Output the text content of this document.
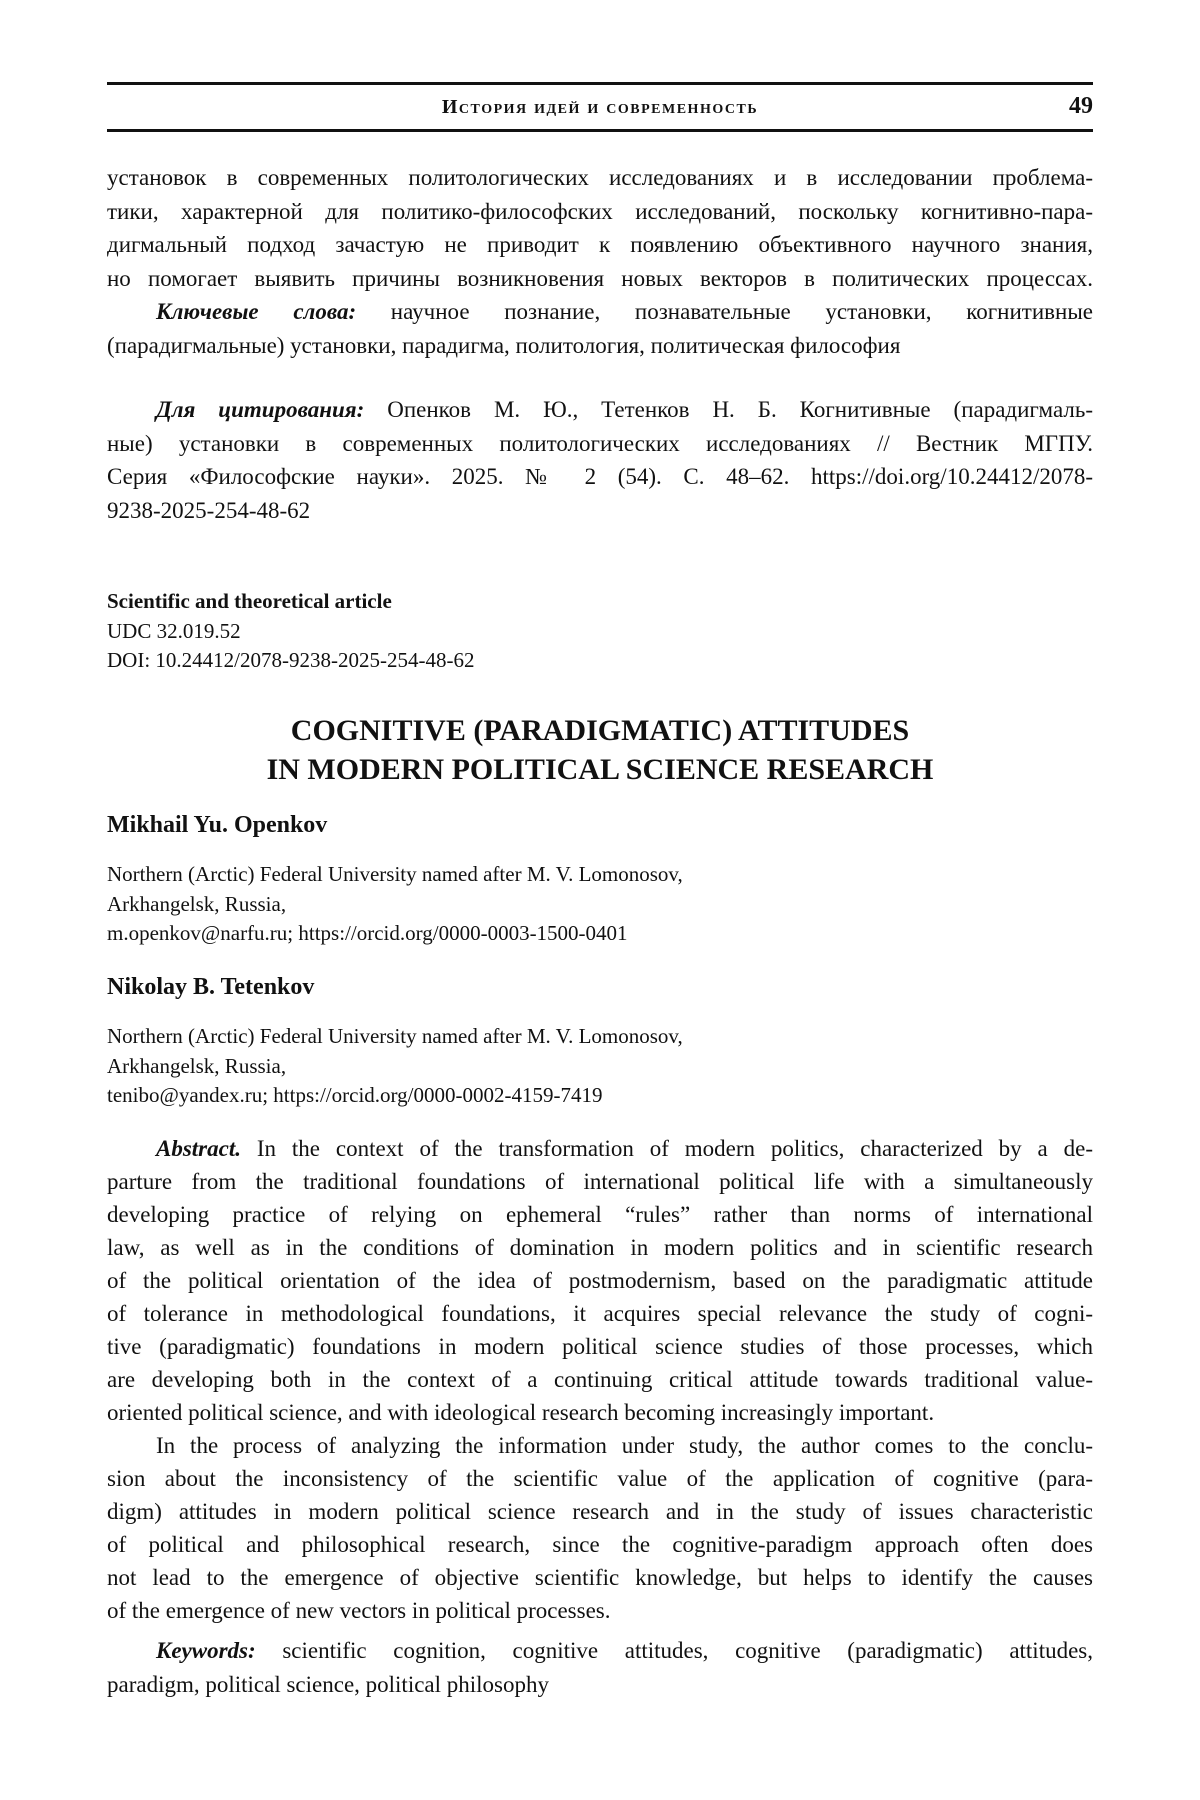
История идей и современность	49
установок в современных политологических исследованиях и в исследовании проблема-
тики, характерной для политико-философских исследований, поскольку когнитивно-пара-
дигмальный подход зачастую не приводит к появлению объективного научного знания,
но помогает выявить причины возникновения новых векторов в политических процессах.
Ключевые слова: научное познание, познавательные установки, когнитивные
(парадигмальные) установки, парадигма, политология, политическая философия
Для цитирования: Опенков М. Ю., Тетенков Н. Б. Когнитивные (парадигмаль-
ные) установки в современных политологических исследованиях // Вестник МГПУ.
Серия «Философские науки». 2025. № 2 (54). С. 48–62. https://doi.org/10.24412/2078-
9238-2025-254-48-62
Scientific and theoretical article
UDC 32.019.52
DOI: 10.24412/2078-9238-2025-254-48-62
COGNITIVE (PARADIGMATIC) ATTITUDES
IN MODERN POLITICAL SCIENCE RESEARCH
Mikhail Yu. Openkov
Northern (Arctic) Federal University named after M. V. Lomonosov,
Arkhangelsk, Russia,
m.openkov@narfu.ru; https://orcid.org/0000-0003-1500-0401
Nikolay B. Tetenkov
Northern (Arctic) Federal University named after M. V. Lomonosov,
Arkhangelsk, Russia,
tenibo@yandex.ru; https://orcid.org/0000-0002-4159-7419
Abstract. In the context of the transformation of modern politics, characterized by a de-
parture from the traditional foundations of international political life with a simultaneously
developing practice of relying on ephemeral “rules” rather than norms of international
law, as well as in the conditions of domination in modern politics and in scientific research
of the political orientation of the idea of postmodernism, based on the paradigmatic attitude
of tolerance in methodological foundations, it acquires special relevance the study of cogni-
tive (paradigmatic) foundations in modern political science studies of those processes, which
are developing both in the context of a continuing critical attitude towards traditional value-
oriented political science, and with ideological research becoming increasingly important.
In the process of analyzing the information under study, the author comes to the conclu-
sion about the inconsistency of the scientific value of the application of cognitive (para-
digm) attitudes in modern political science research and in the study of issues characteristic
of political and philosophical research, since the cognitive-paradigm approach often does
not lead to the emergence of objective scientific knowledge, but helps to identify the causes
of the emergence of new vectors in political processes.
Keywords: scientific cognition, cognitive attitudes, cognitive (paradigmatic) attitudes,
paradigm, political science, political philosophy
